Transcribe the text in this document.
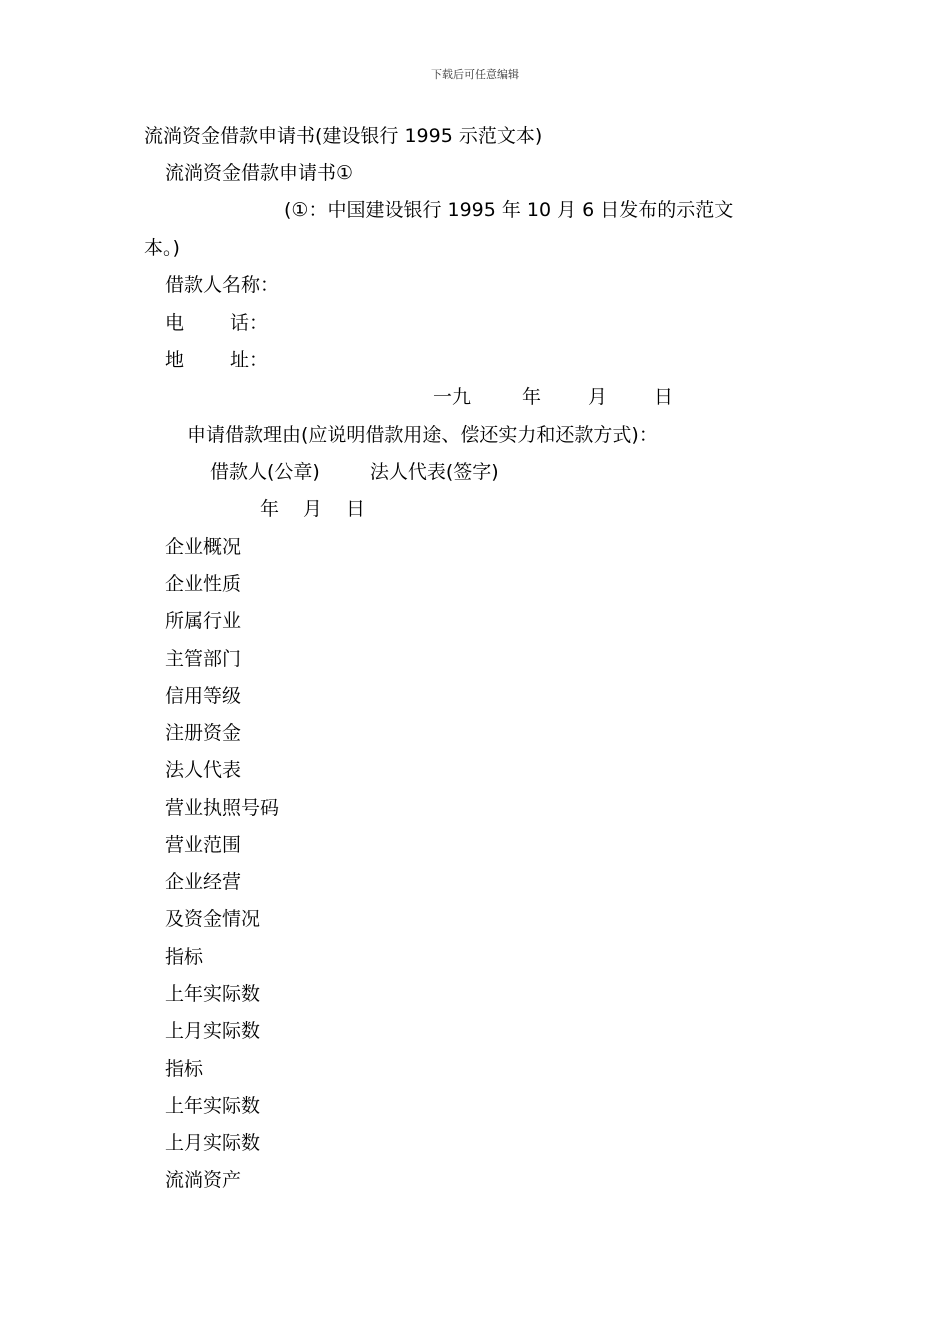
下载后可任意编辑
流淌资金借款申请书(建设银行 1995 示范文本)
流淌资金借款申请书①
(①：中国建设银行 1995 年 10 月 6 日发布的示范文
本。)
借款人名称：
电 话：
地 址：
一九	年 月 日
申请借款理由(应说明借款用途、偿还实力和还款方式)：
借款人(公章)	法人代表(签字)
年 月 日
企业概况
企业性质
所属行业
主管部门
信用等级
注册资金
法人代表
营业执照号码
营业范围
企业经营
及资金情况
指标
上年实际数
上月实际数
指标
上年实际数
上月实际数
流淌资产
